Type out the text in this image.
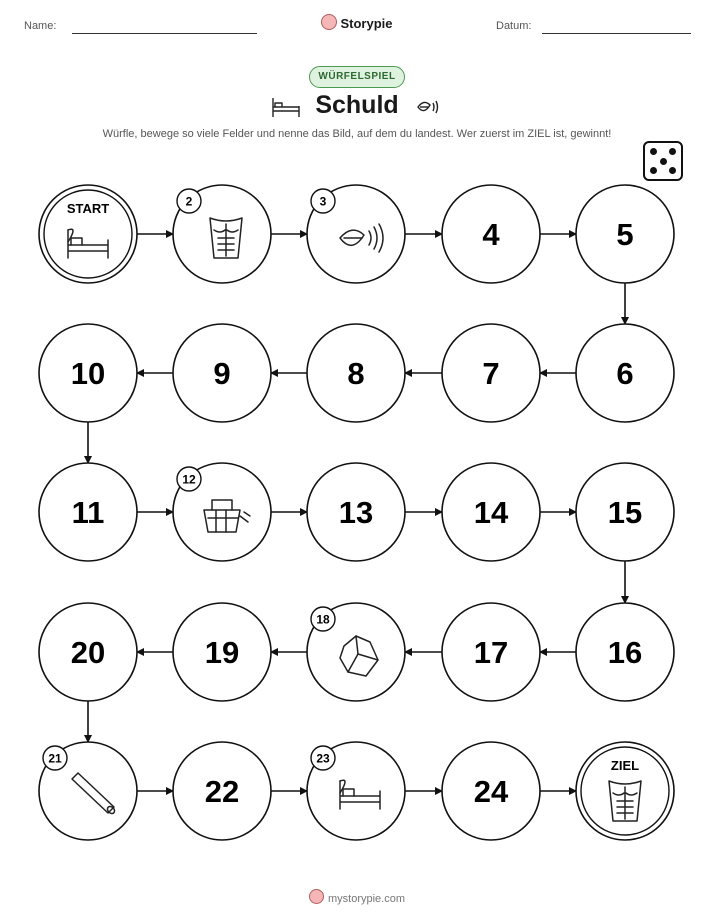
Name:	Storypie	Datum:
WÜRFELSPIEL
Schuld
Würfle, bewege so viele Felder und nenne das Bild, auf dem du landest. Wer zuerst im ZIEL ist, gewinnt!
START	2	3
4	5
6
7
8
9
10
11
12
13	14	15
16
17
18
19
20
21
22
23
24
ZIEL
mystorypie.com
